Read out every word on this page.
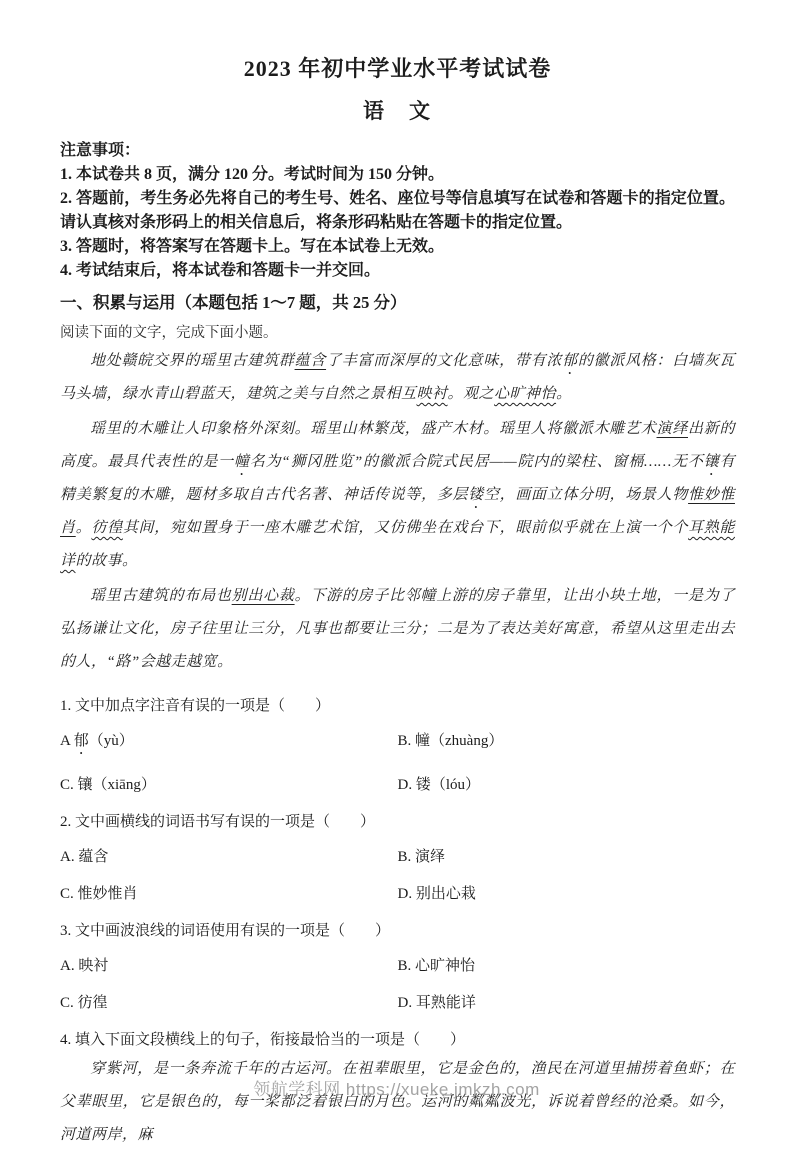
2023 年初中学业水平考试试卷
语　文

注意事项：

1. 本试卷共 8 页，满分 120 分。考试时间为 150 分钟。

2. 答题前，考生务必先将自己的考生号、姓名、座位号等信息填写在试卷和答题卡的指定位置。请认真核对条形码上的相关信息后，将条形码粘贴在答题卡的指定位置。

3. 答题时，将答案写在答题卡上。写在本试卷上无效。

4. 考试结束后，将本试卷和答题卡一并交回。

一、积累与运用（本题包括 1～7 题，共 25 分）

阅读下面的文字，完成下面小题。

地处赣皖交界的瑶里古建筑群蕴含了丰富而深厚的文化意味，带有浓郁的徽派风格：白墙灰瓦马头墙，绿水青山碧蓝天，建筑之美与自然之景相互映衬。观之心旷神怡。

瑶里的木雕让人印象格外深刻。瑶里山林繁茂，盛产木材。瑶里人将徽派木雕艺术演绎出新的高度。最具代表性的是一幢名为“狮冈胜览”的徽派合院式民居——院内的梁柱、窗槅……无不镶有精美繁复的木雕，题材多取自古代名著、神话传说等，多层镂空，画面立体分明，场景人物惟妙惟肖。彷徨其间，宛如置身于一座木雕艺术馆，又仿佛坐在戏台下，眼前似乎就在上演一个个耳熟能详的故事。

瑶里古建筑的布局也别出心裁。下游的房子比邻幢上游的房子靠里，让出小块土地，一是为了弘扬谦让文化，房子往里让三分，凡事也都要让三分；二是为了表达美好寓意，希望从这里走出去的人，“路”会越走越宽。

1. 文中加点字注音有误的一项是（　　）

A 郁（yù）	B. 幢（zhuàng）
C. 镶（xiāng）	D. 镂（lóu）

2. 文中画横线的词语书写有误的一项是（　　）

A. 蕴含	B. 演绎
C. 惟妙惟肖	D. 别出心栽

3. 文中画波浪线的词语使用有误的一项是（　　）

A. 映衬	B. 心旷神怡
C. 彷徨	D. 耳熟能详

4. 填入下面文段横线上的句子，衔接最恰当的一项是（　　）

穿紫河，是一条奔流千年的古运河。在祖辈眼里，它是金色的，渔民在河道里捕捞着鱼虾；在父辈眼里，它是银色的，每一桨都泛着银白的月色。运河的粼粼波光，诉说着曾经的沧桑。如今，河道两岸，麻

领航学科网 https://xueke.jmkzh.com
